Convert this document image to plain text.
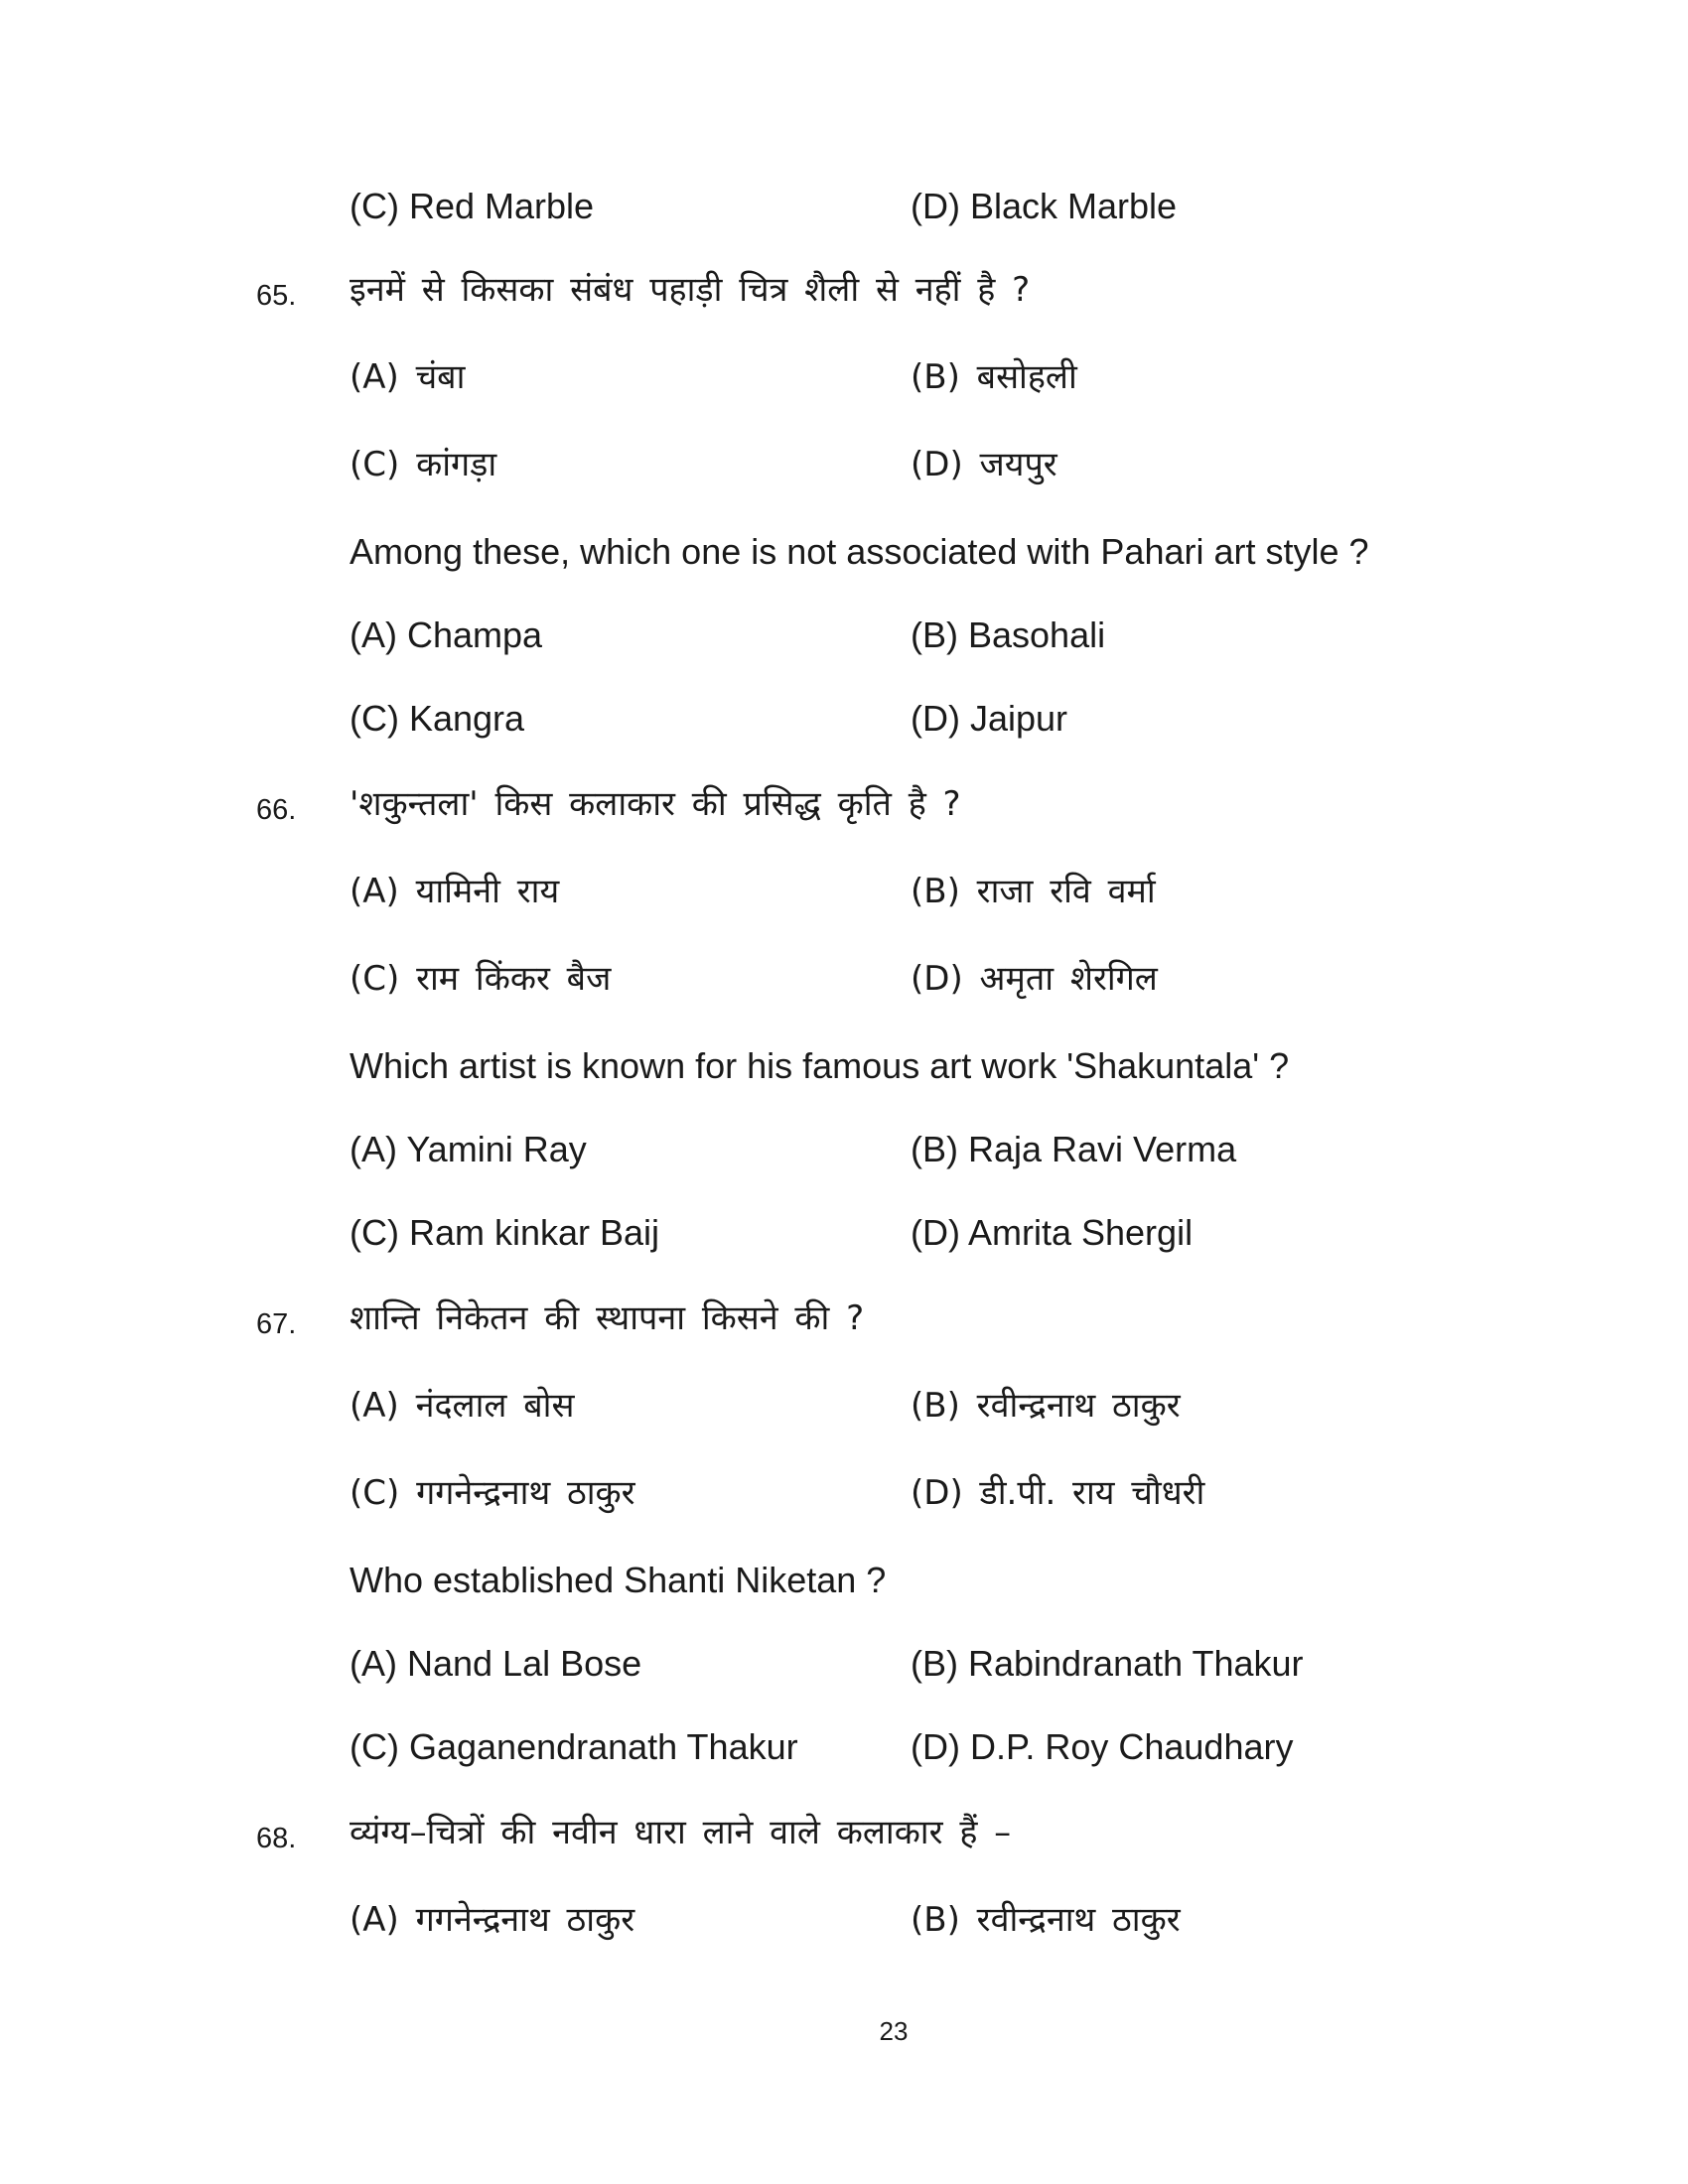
(C) Red Marble	(D) Black Marble
65. इनमें से किसका संबंध पहाड़ी चित्र शैली से नहीं है ?
(A) चंबा	(B) बसोहली
(C) कांगड़ा	(D) जयपुर
Among these, which one is not associated with Pahari art style ?
(A) Champa	(B) Basohali
(C) Kangra	(D) Jaipur
66. 'शकुन्तला' किस कलाकार की प्रसिद्ध कृति है ?
(A) यामिनी राय	(B) राजा रवि वर्मा
(C) राम किंकर बैज	(D) अमृता शेरगिल
Which artist is known for his famous art work 'Shakuntala' ?
(A) Yamini Ray	(B) Raja Ravi Verma
(C) Ram kinkar Baij	(D) Amrita Shergil
67. शान्ति निकेतन की स्थापना किसने की ?
(A) नंदलाल बोस	(B) रवीन्द्रनाथ ठाकुर
(C) गगनेन्द्रनाथ ठाकुर	(D) डी.पी. राय चौधरी
Who established Shanti Niketan ?
(A) Nand Lal Bose	(B) Rabindranath Thakur
(C) Gaganendranath Thakur	(D) D.P. Roy Chaudhary
68. व्यंग्य–चित्रों की नवीन धारा लाने वाले कलाकार हैं –
(A) गगनेन्द्रनाथ ठाकुर	(B) रवीन्द्रनाथ ठाकुर
23
